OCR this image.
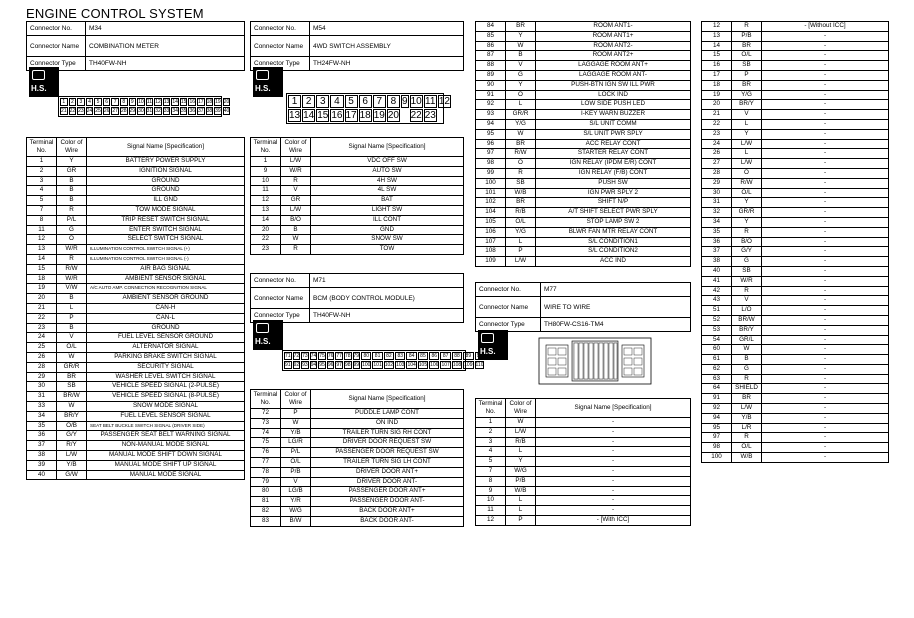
ENGINE CONTROL SYSTEM
Connector No.	M34
Connector Name	COMBINATION METER
Connector Type	TH40FW-NH
H.S.
1	2	3	4	5	6	7	8	9 10 11 12 13 14 15 16 17 18 19 20
21 22 23 24 25 26 27 28 29 30 31 32 33 34 35 36 37 38 39 40
Terminal No.	Color of Wire	Signal Name [Specification]
1	Y	BATTERY POWER SUPPLY
2	GR	IGNITION SIGNAL
3	B	GROUND
4	B	GROUND
5	B	ILL GND
7	R	TOW MODE SIGNAL
8	P/L	TRIP RESET SWITCH SIGNAL
11	G	ENTER SWITCH SIGNAL
12	O	SELECT SWITCH SIGNAL
13	W/R	ILLUMINATION CONTROL SWITCH SIGNAL (+)
14	R	ILLUMINATION CONTROL SWITCH SIGNAL (-)
15	R/W	AIR BAG SIGNAL
18	W/R	AMBIENT SENSOR SIGNAL
19	V/W	A/C AUTO AMP. CONNECTION RECOGNITION SIGNAL
20	B	AMBIENT SENSOR GROUND
21	L	CAN-H
22	P	CAN-L
23	B	GROUND
24	V	FUEL LEVEL SENSOR GROUND
25	O/L	ALTERNATOR SIGNAL
26	W	PARKING BRAKE SWITCH SIGNAL
28	GR/R	SECURITY SIGNAL
29	BR	WASHER LEVEL SWITCH SIGNAL
30	SB	VEHICLE SPEED SIGNAL (2-PULSE)
31	BR/W	VEHICLE SPEED SIGNAL (8-PULSE)
33	W	SNOW MODE SIGNAL
34	BR/Y	FUEL LEVEL SENSOR SIGNAL
35	O/B	SEAT BELT BUCKLE SWITCH SIGNAL (DRIVER SIDE)
36	G/Y	PASSENGER SEAT BELT WARNING SIGNAL
37	R/Y	NON-MANUAL MODE SIGNAL
38	L/W	MANUAL MODE SHIFT DOWN SIGNAL
39	Y/B	MANUAL MODE SHIFT UP SIGNAL
40	G/W	MANUAL MODE SIGNAL
Connector No.	M54
Connector Name	4WD SWITCH ASSEMBLY
Connector Type	TH24FW-NH
H.S.
1 2 3 4 5 6 7 8 9 10 11 12
13 14 15 16 17 18 19 20 22 23
Terminal No.	Color of Wire	Signal Name [Specification]
1	L/W	VDC OFF SW
9	W/R	AUTO SW
10	R	4H SW
11	V	4L SW
12	GR	BAT
13	L/W	LIGHT SW
14	B/O	ILL CONT
20	B	GND
22	W	SNOW SW
23	R	TOW
Connector No.	M71
Connector Name	BCM (BODY CONTROL MODULE)
Connector Type	TH40FW-NH
H.S.
71 72 73 74 75 76 77 78 79 80	81	82	83	84	85	86	87	88	89
91 92 93 94 95 96 97 98 99 100 101 102 103 104 105 106 107 108 109 110
Terminal No.	Color of Wire	Signal Name [Specification]
72	P	PUDDLE LAMP CONT
73	W	ON IND
74	Y/B	TRAILER TURN SIG RH CONT
75	LG/R	DRIVER DOOR REQUEST SW
76	P/L	PASSENGER DOOR REQUEST SW
77	O/L	TRAILER TURN SIG LH CONT
78	P/B	DRIVER DOOR ANT+
79	V	DRIVER DOOR ANT-
80	LG/B	PASSENGER DOOR ANT+
81	Y/R	PASSENGER DOOR ANT-
82	W/G	BACK DOOR ANT+
83	B/W	BACK DOOR ANT-
84	BR	ROOM ANT1-
85	Y	ROOM ANT1+
86	W	ROOM ANT2-
87	B	ROOM ANT2+
88	V	LAGGAGE ROOM ANT+
89	G	LAGGAGE ROOM ANT-
90	Y	PUSH-BTN IGN SW ILL PWR
91	O	LOCK IND
92	L	LOW SIDE PUSH LED
93	GR/R	I-KEY WARN BUZZER
94	Y/G	S/L UNIT COMM
95	W	S/L UNIT PWR SPLY
96	BR	ACC RELAY CONT
97	R/W	STARTER RELAY CONT
98	O	IGN RELAY (IPDM E/R) CONT
99	R	IGN RELAY (F/B) CONT
100	SB	PUSH SW
101	W/B	IGN PWR SPLY 2
102	BR	SHIFT N/P
104	R/B	A/T SHIFT SELECT PWR SPLY
105	O/L	STOP LAMP SW 2
106	Y/G	BLWR FAN MTR RELAY CONT
107	L	S/L CONDITION1
108	P	S/L CONDITION2
109	L/W	ACC IND
Connector No.	M77
Connector Name	WIRE TO WIRE
Connector Type	TH80FW-CS16-TM4
H.S.
Terminal No.	Color of Wire	Signal Name [Specification]
1	W	-
2	L/W	-
3	R/B	-
4	L	-
5	Y	-
7	W/G	-
8	P/B	-
9	W/B	-
10	L	-
11	L	-
12	P	- [With ICC]
12	R	- [Without ICC]
13	P/B	-
14	BR	-
15	O/L	-
16	SB	-
17	P	-
18	BR	-
19	Y/G	-
20	BR/Y	-
21	V	-
22	L	-
23	Y	-
24	L/W	-
26	L	-
27	L/W	-
28	O	-
29	R/W	-
30	O/L	-
31	Y	-
32	GR/R	-
34	Y	-
35	R	-
36	B/O	-
37	G/Y	-
38	G	-
40	SB	-
41	W/R	-
42	R	-
43	V	-
51	L/O	-
52	BR/W	-
53	BR/Y	-
54	GR/L	-
60	W	-
61	B	-
62	G	-
63	R	-
64	SHIELD	-
91	BR	-
92	L/W	-
94	Y/B	-
95	L/R	-
97	R	-
98	O/L	-
100	W/B	-
